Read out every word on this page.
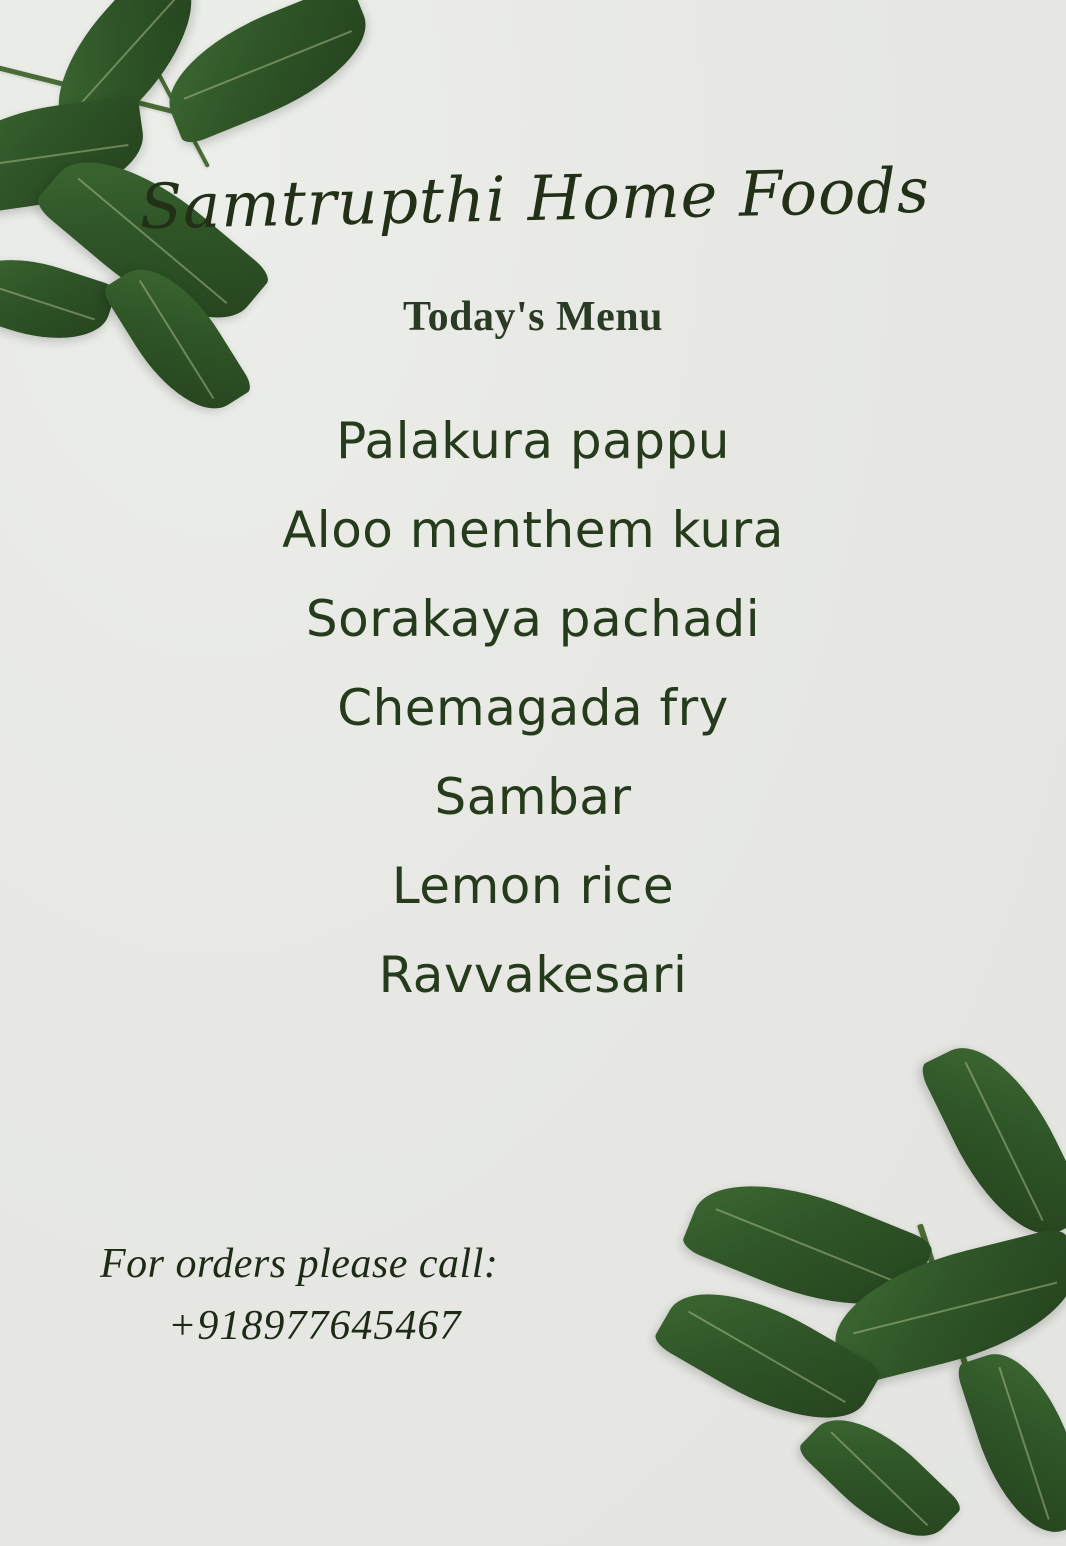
Samtrupthi Home Foods
Today's Menu
Palakura pappu
Aloo menthem kura
Sorakaya pachadi
Chemagada fry
Sambar
Lemon rice
Ravvakesari

For orders please call:

+918977645467
